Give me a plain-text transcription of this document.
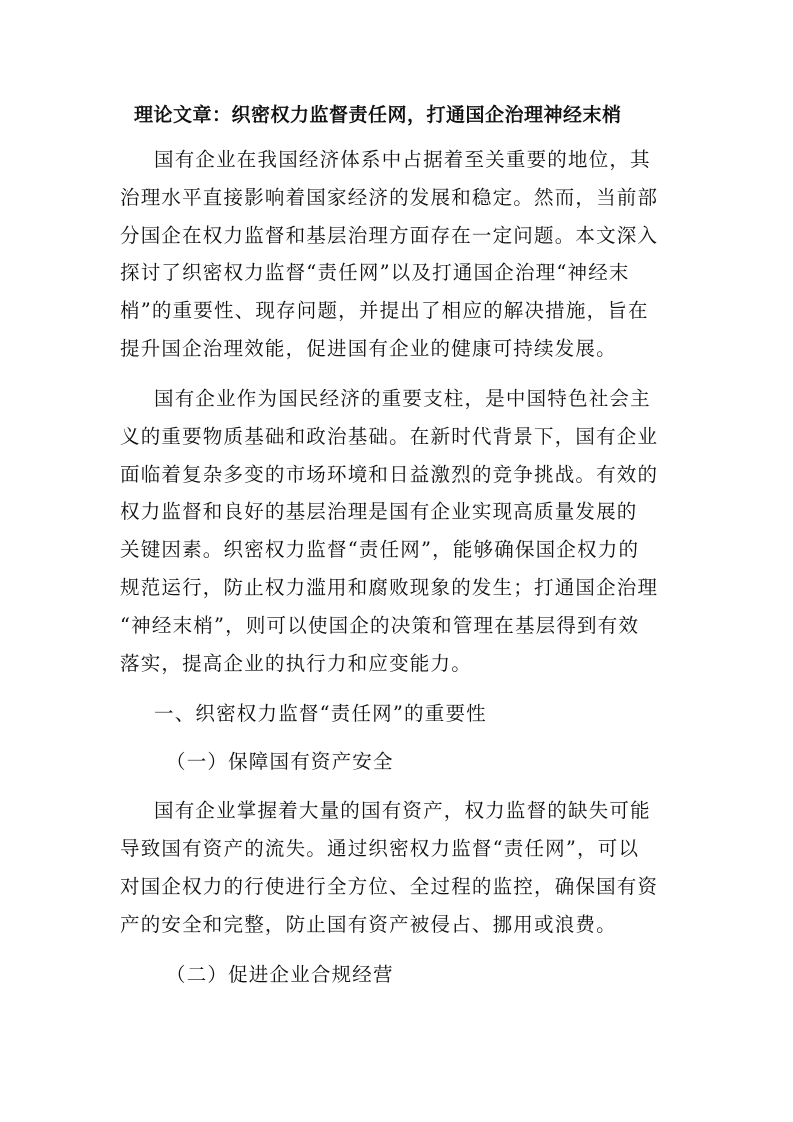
理论文章：织密权力监督责任网，打通国企治理神经末梢

国有企业在我国经济体系中占据着至关重要的地位，其

治理水平直接影响着国家经济的发展和稳定。然而，当前部

分国企在权力监督和基层治理方面存在一定问题。本文深入

探讨了织密权力监督“责任网”以及打通国企治理“神经末

梢”的重要性、现存问题，并提出了相应的解决措施，旨在

提升国企治理效能，促进国有企业的健康可持续发展。

国有企业作为国民经济的重要支柱，是中国特色社会主

义的重要物质基础和政治基础。在新时代背景下，国有企业

面临着复杂多变的市场环境和日益激烈的竞争挑战。有效的

权力监督和良好的基层治理是国有企业实现高质量发展的

关键因素。织密权力监督“责任网”，能够确保国企权力的

规范运行，防止权力滥用和腐败现象的发生；打通国企治理

“神经末梢”，则可以使国企的决策和管理在基层得到有效

落实，提高企业的执行力和应变能力。

一、织密权力监督“责任网”的重要性

（一）保障国有资产安全

国有企业掌握着大量的国有资产，权力监督的缺失可能

导致国有资产的流失。通过织密权力监督“责任网”，可以

对国企权力的行使进行全方位、全过程的监控，确保国有资

产的安全和完整，防止国有资产被侵占、挪用或浪费。

（二）促进企业合规经营
